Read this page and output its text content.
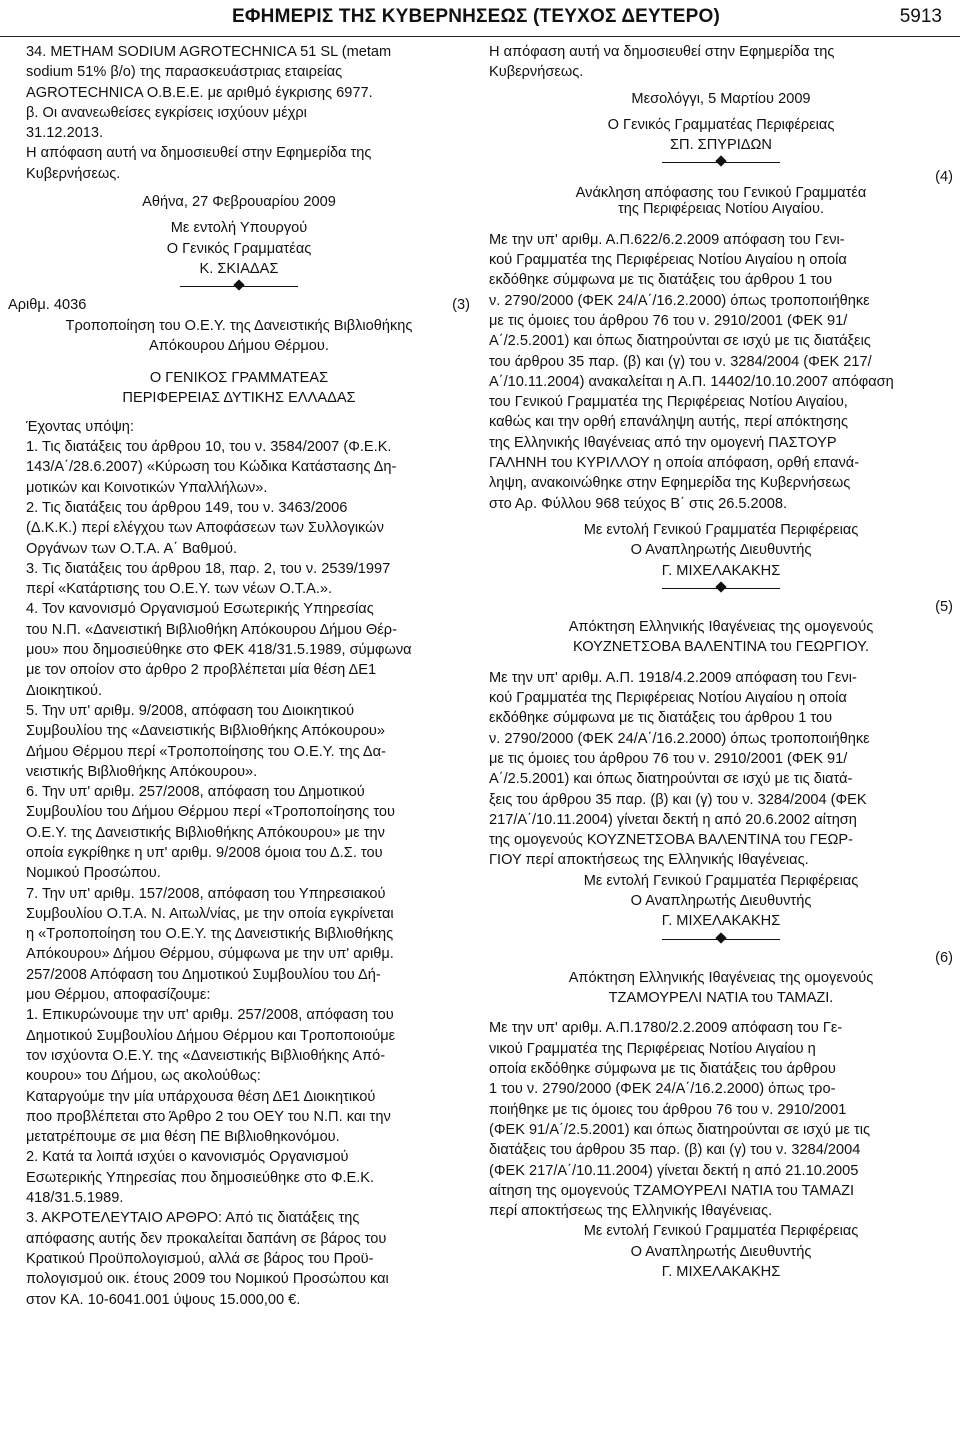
ΕΦΗΜΕΡΙΣ ΤΗΣ ΚΥΒΕΡΝΗΣΕΩΣ (ΤΕΥΧΟΣ ΔΕΥΤΕΡΟ)	5913
34. ΜΕΤΗΑΜ SODIUM AGROTECHNICA 51 SL (metam
sodium 51% β/ο) της παρασκευάστριας εταιρείας
AGROTECHNICA Ο.Β.Ε.Ε. με αριθμό έγκρισης 6977.
β. Οι ανανεωθείσες εγκρίσεις ισχύουν μέχρι
31.12.2013.
Η απόφαση αυτή να δημοσιευθεί στην Εφημερίδα της
Κυβερνήσεως.

Αθήνα, 27 Φεβρουαρίου 2009

Με εντολή Υπουργού

Ο Γενικός Γραμματέας

Κ. ΣΚΙΑΔΑΣ

Αριθμ. 4036	(3)

Τροποποίηση του Ο.Ε.Υ. της Δανειστικής Βιβλιοθήκης

Απόκουρου Δήμου Θέρμου.

Ο ΓΕΝΙΚΟΣ ΓΡΑΜΜΑΤΕΑΣ

ΠΕΡΙΦΕΡΕΙΑΣ ΔΥΤΙΚΗΣ ΕΛΛΑΔΑΣ

Έχοντας υπόψη:

1. Τις διατάξεις του άρθρου 10, του ν. 3584/2007 (Φ.Ε.Κ.
143/Α΄/28.6.2007) «Κύρωση του Κώδικα Κατάστασης Δη-
μοτικών και Κοινοτικών Υπαλλήλων».
2. Τις διατάξεις του άρθρου 149, του ν. 3463/2006
(Δ.Κ.Κ.) περί ελέγχου των Αποφάσεων των Συλλογικών
Οργάνων των Ο.Τ.Α. Α΄ Βαθμού.
3. Τις διατάξεις του άρθρου 18, παρ. 2, του ν. 2539/1997
περί «Κατάρτισης του Ο.Ε.Υ. των νέων Ο.Τ.Α.».
4. Τον κανονισμό Οργανισμού Εσωτερικής Υπηρεσίας
του Ν.Π. «Δανειστική Βιβλιοθήκη Απόκουρου Δήμου Θέρ-
μου» που δημοσιεύθηκε στο ΦΕΚ 418/31.5.1989, σύμφωνα
με τον οποίον στο άρθρο 2 προβλέπεται μία θέση ΔΕ1
Διοικητικού.
5. Την υπ' αριθμ. 9/2008, απόφαση του Διοικητικού
Συμβουλίου της «Δανειστικής Βιβλιοθήκης Απόκουρου»
Δήμου Θέρμου περί «Τροποποίησης του Ο.Ε.Υ. της Δα-
νειστικής Βιβλιοθήκης Απόκουρου».
6. Την υπ' αριθμ. 257/2008, απόφαση του Δημοτικού
Συμβουλίου του Δήμου Θέρμου περί «Τροποποίησης του
Ο.Ε.Υ. της Δανειστικής Βιβλιοθήκης Απόκουρου» με την
οποία εγκρίθηκε η υπ' αριθμ. 9/2008 όμοια του Δ.Σ. του
Νομικού Προσώπου.
7. Την υπ' αριθμ. 157/2008, απόφαση του Υπηρεσιακού
Συμβουλίου Ο.Τ.Α. Ν. Αιτωλ/νίας, με την οποία εγκρίνεται
η «Τροποποίηση του Ο.Ε.Υ. της Δανειστικής Βιβλιοθήκης
Απόκουρου» Δήμου Θέρμου, σύμφωνα με την υπ' αριθμ.
257/2008 Απόφαση του Δημοτικού Συμβουλίου του Δή-
μου Θέρμου, αποφασίζουμε:
1. Επικυρώνουμε την υπ' αριθμ. 257/2008, απόφαση του
Δημοτικού Συμβουλίου Δήμου Θέρμου και Τροποποιούμε
τον ισχύοντα Ο.Ε.Υ. της «Δανειστικής Βιβλιοθήκης Από-
κουρου» του Δήμου, ως ακολούθως:
Καταργούμε την μία υπάρχουσα θέση ΔΕ1 Διοικητικού
ποο προβλέπεται στο Άρθρο 2 του ΟΕΥ του Ν.Π. και την
μετατρέπουμε σε μια θέση ΠΕ Βιβλιοθηκονόμου.
2. Κατά τα λοιπά ισχύει ο κανονισμός Οργανισμού
Εσωτερικής Υπηρεσίας που δημοσιεύθηκε στο Φ.Ε.Κ.
418/31.5.1989.
3. ΑΚΡΟΤΕΛΕΥΤΑΙΟ ΑΡΘΡΟ: Από τις διατάξεις της
απόφασης αυτής δεν προκαλείται δαπάνη σε βάρος του
Κρατικού Προϋπολογισμού, αλλά σε βάρος του Προϋ-
πολογισμού οικ. έτους 2009 του Νομικού Προσώπου και
στον ΚΑ. 10-6041.001 ύψους 15.000,00 €.
Η απόφαση αυτή να δημοσιευθεί στην Εφημερίδα της
Κυβερνήσεως.

Μεσολόγγι, 5 Μαρτίου 2009

Ο Γενικός Γραμματέας Περιφέρειας

ΣΠ. ΣΠΥΡΙΔΩΝ

(4)

Ανάκληση απόφασης του Γενικού Γραμματέα

της Περιφέρειας Νοτίου Αιγαίου.

Με την υπ' αριθμ. Α.Π.622/6.2.2009 απόφαση του Γενι-
κού Γραμματέα της Περιφέρειας Νοτίου Αιγαίου η οποία
εκδόθηκε σύμφωνα με τις διατάξεις του άρθρου 1 του
ν. 2790/2000 (ΦΕΚ 24/Α΄/16.2.2000) όπως τροποποιήθηκε
με τις όμοιες του άρθρου 76 του ν. 2910/2001 (ΦΕΚ 91/
Α΄/2.5.2001) και όπως διατηρούνται σε ισχύ με τις διατάξεις
του άρθρου 35 παρ. (β) και (γ) του ν. 3284/2004 (ΦΕΚ 217/
Α΄/10.11.2004) ανακαλείται η Α.Π. 14402/10.10.2007 απόφαση
του Γενικού Γραμματέα της Περιφέρειας Νοτίου Αιγαίου,
καθώς και την ορθή επανάληψη αυτής, περί απόκτησης
της Ελληνικής Ιθαγένειας από την ομογενή ΠΑΣΤΟΥΡ
ΓΑΛΗΝΗ του ΚΥΡΙΛΛΟΥ η οποία απόφαση, ορθή επανά-
ληψη, ανακοινώθηκε στην Εφημερίδα της Κυβερνήσεως
στο Αρ. Φύλλου 968 τεύχος Β΄ στις 26.5.2008.

Με εντολή Γενικού Γραμματέα Περιφέρειας

Ο Αναπληρωτής Διευθυντής

Γ. ΜΙΧΕΛΑΚΑΚΗΣ

(5)

Απόκτηση Ελληνικής Ιθαγένειας της ομογενούς

ΚΟΥΖΝΕΤΣΟΒΑ ΒΑΛΕΝΤΙΝΑ του ΓΕΩΡΓΙΟΥ.

Με την υπ' αριθμ. Α.Π. 1918/4.2.2009 απόφαση του Γενι-
κού Γραμματέα της Περιφέρειας Νοτίου Αιγαίου η οποία
εκδόθηκε σύμφωνα με τις διατάξεις του άρθρου 1 του
ν. 2790/2000 (ΦΕΚ 24/Α΄/16.2.2000) όπως τροποποιήθηκε
με τις όμοιες του άρθρου 76 του ν. 2910/2001 (ΦΕΚ 91/
Α΄/2.5.2001) και όπως διατηρούνται σε ισχύ με τις διατά-
ξεις του άρθρου 35 παρ. (β) και (γ) του ν. 3284/2004 (ΦΕΚ
217/Α΄/10.11.2004) γίνεται δεκτή η από 20.6.2002 αίτηση
της ομογενούς ΚΟΥΖΝΕΤΣΟΒΑ ΒΑΛΕΝΤΙΝΑ του ΓΕΩΡ-
ΓΙΟΥ περί αποκτήσεως της Ελληνικής Ιθαγένειας.

Με εντολή Γενικού Γραμματέα Περιφέρειας

Ο Αναπληρωτής Διευθυντής

Γ. ΜΙΧΕΛΑΚΑΚΗΣ

(6)

Απόκτηση Ελληνικής Ιθαγένειας της ομογενούς

ΤΖΑΜΟΥΡΕΛΙ ΝΑΤΙΑ του ΤΑΜΑΖΙ.

Με την υπ' αριθμ. Α.Π.1780/2.2.2009 απόφαση του Γε-
νικού Γραμματέα της Περιφέρειας Νοτίου Αιγαίου η
οποία εκδόθηκε σύμφωνα με τις διατάξεις του άρθρου
1 του ν. 2790/2000 (ΦΕΚ 24/Α΄/16.2.2000) όπως τρο-
ποιήθηκε με τις όμοιες του άρθρου 76 του ν. 2910/2001
(ΦΕΚ 91/Α΄/2.5.2001) και όπως διατηρούνται σε ισχύ με τις
διατάξεις του άρθρου 35 παρ. (β) και (γ) του ν. 3284/2004
(ΦΕΚ 217/Α΄/10.11.2004) γίνεται δεκτή η από 21.10.2005
αίτηση της ομογενούς ΤΖΑΜΟΥΡΕΛΙ ΝΑΤΙΑ του ΤΑΜΑΖΙ
περί αποκτήσεως της Ελληνικής Ιθαγένειας.

Με εντολή Γενικού Γραμματέα Περιφέρειας

Ο Αναπληρωτής Διευθυντής

Γ. ΜΙΧΕΛΑΚΑΚΗΣ
